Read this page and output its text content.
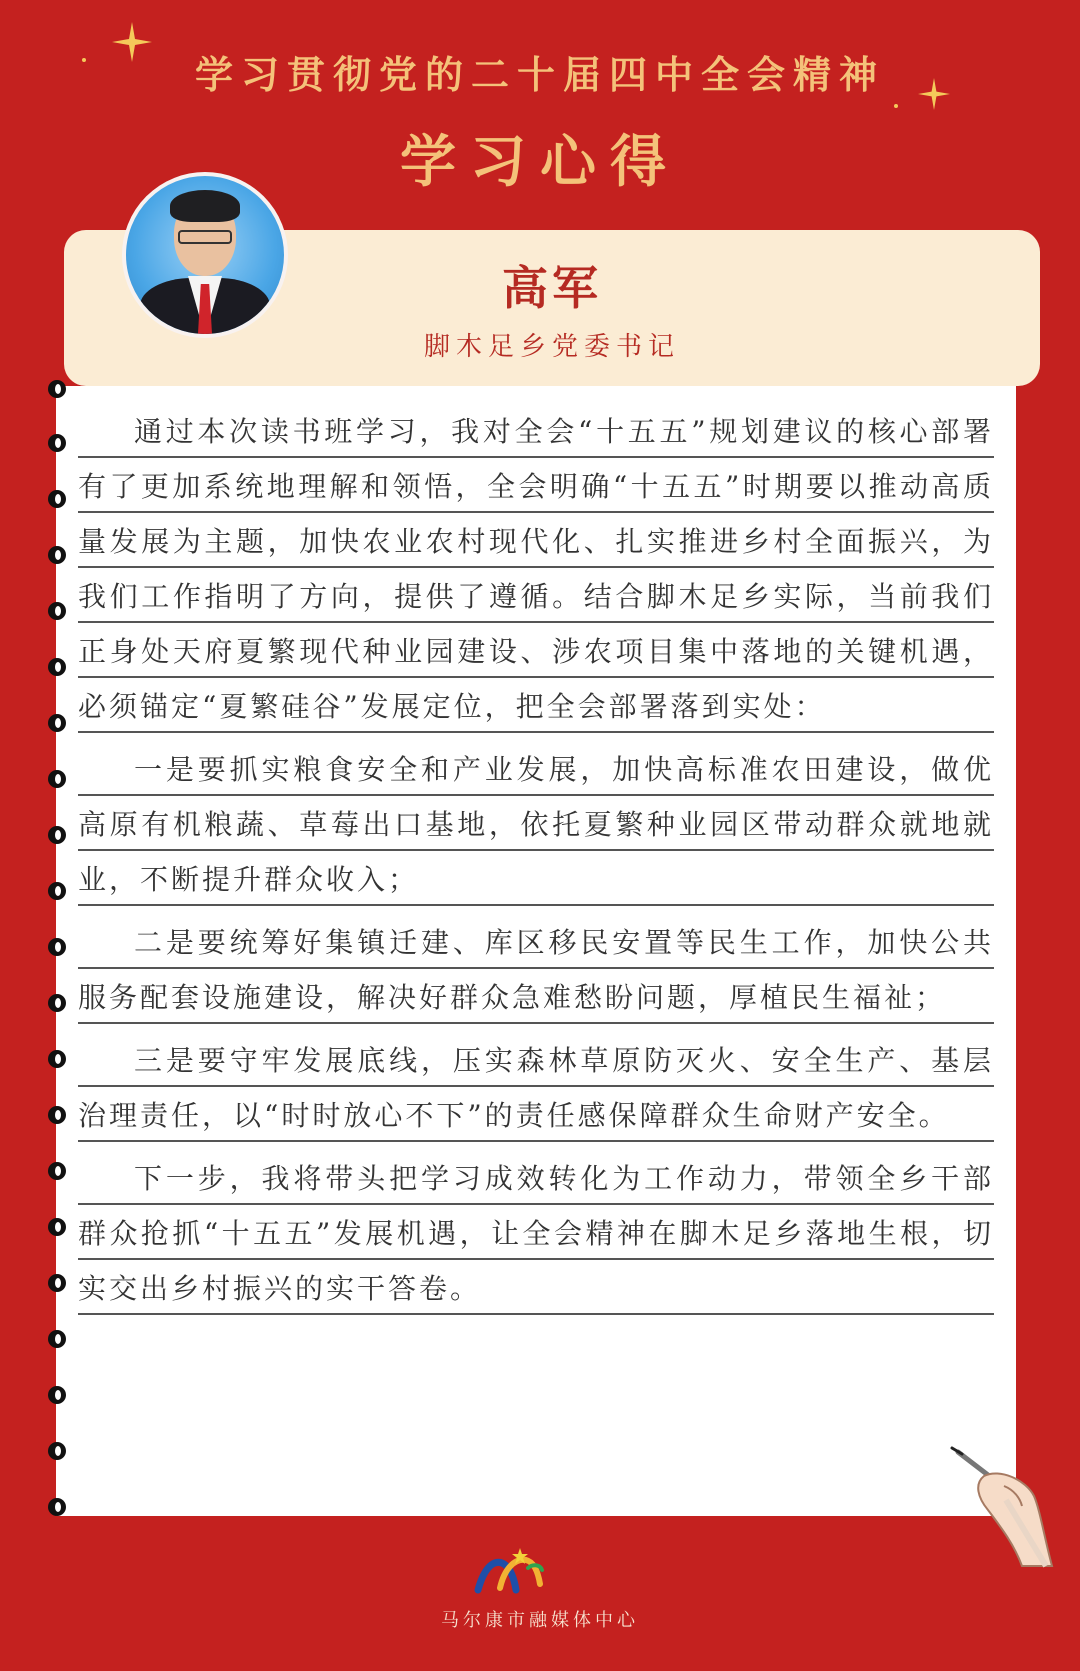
学习贯彻党的二十届四中全会精神
学习心得
高军
脚木足乡党委书记

通过本次读书班学习，我对全会“十五五”规划建议的核心部署有了更加系统地理解和领悟，全会明确“十五五”时期要以推动高质量发展为主题，加快农业农村现代化、扎实推进乡村全面振兴，为我们工作指明了方向，提供了遵循。结合脚木足乡实际，当前我们正身处天府夏繁现代种业园建设、涉农项目集中落地的关键机遇，必须锚定“夏繁硅谷”发展定位，把全会部署落到实处：

一是要抓实粮食安全和产业发展，加快高标准农田建设，做优高原有机粮蔬、草莓出口基地，依托夏繁种业园区带动群众就地就业，不断提升群众收入；

二是要统筹好集镇迁建、库区移民安置等民生工作，加快公共服务配套设施建设，解决好群众急难愁盼问题，厚植民生福祉；

三是要守牢发展底线，压实森林草原防灭火、安全生产、基层治理责任，以“时时放心不下”的责任感保障群众生命财产安全。

下一步，我将带头把学习成效转化为工作动力，带领全乡干部群众抢抓“十五五”发展机遇，让全会精神在脚木足乡落地生根，切实交出乡村振兴的实干答卷。

马尔康市融媒体中心
